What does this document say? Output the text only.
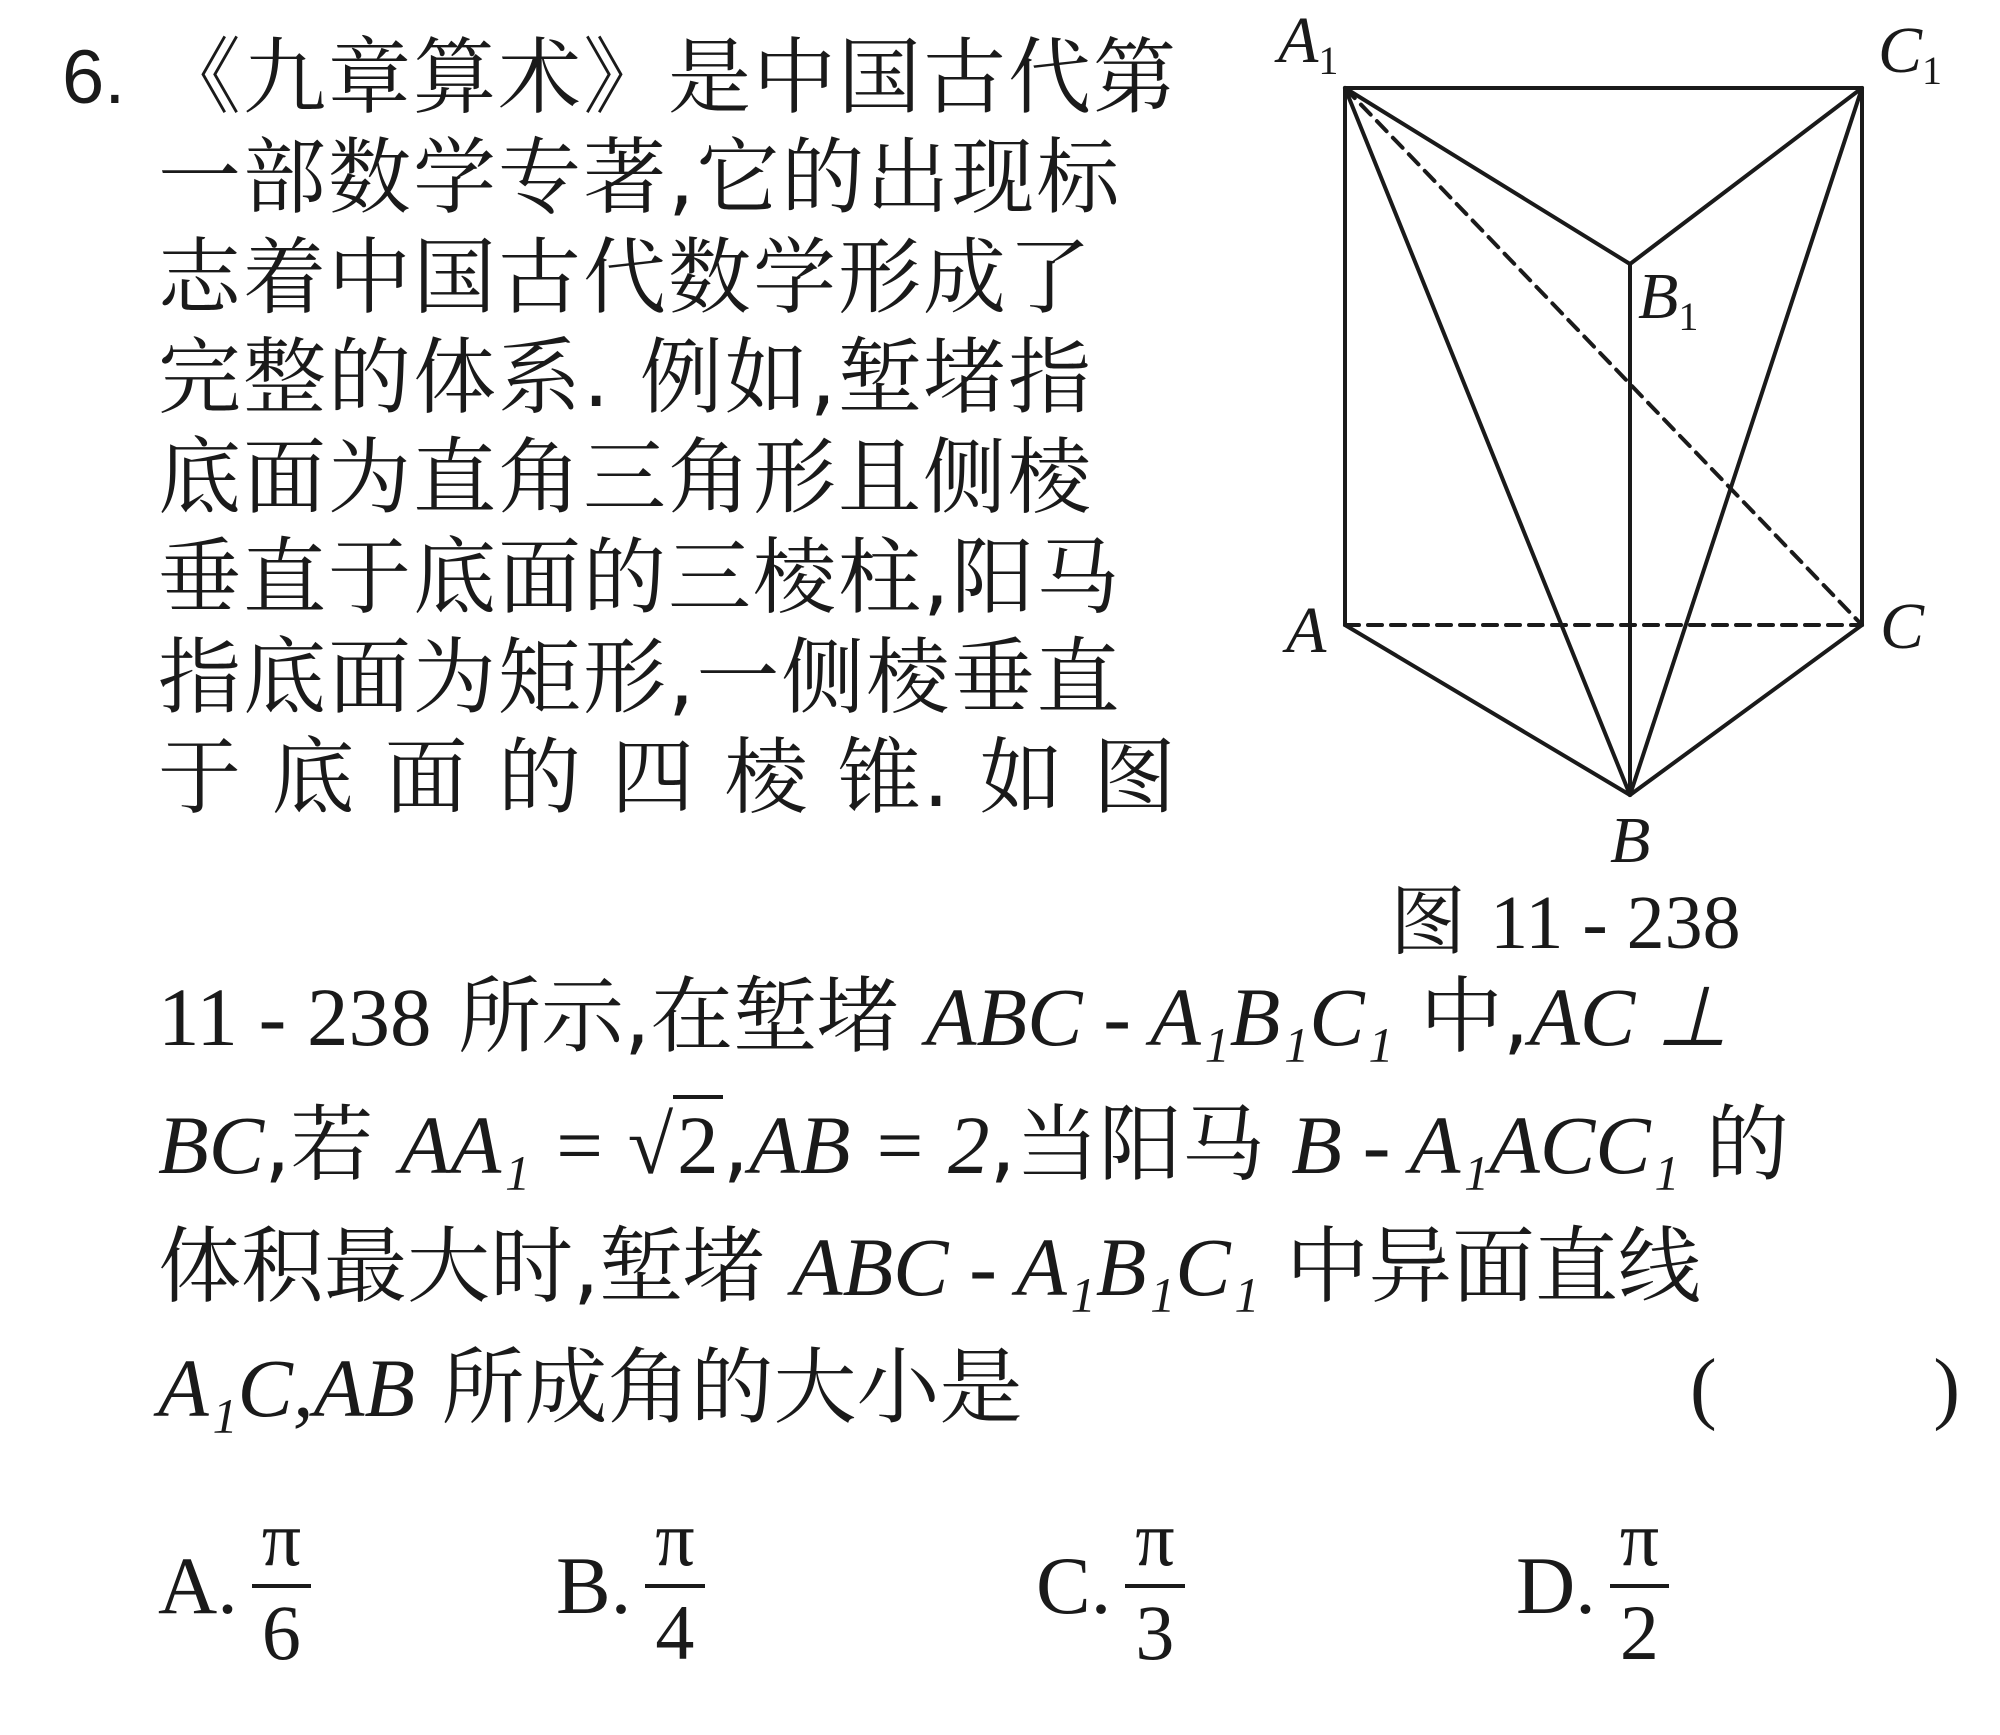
6. 《九章算术》是中国古代第
一部数学专著,它的出现标
志着中国古代数学形成了
完整的体系. 例如,堑堵指
底面为直角三角形且侧棱
垂直于底面的三棱柱,阳马
指底面为矩形,一侧棱垂直
于 底 面 的 四 棱 锥. 如 图
11 - 238 所示,在堑堵 ABC - A₁B₁C₁ 中,AC ⊥
BC,若 AA₁ = √2,AB = 2,当阳马 B - A₁ACC₁ 的
体积最大时,堑堵 ABC - A₁B₁C₁ 中异面直线
A₁C,AB 所成角的大小是	(	)
A. $\frac{\pi}{6}$	B. $\frac{\pi}{4}$	C. $\frac{\pi}{3}$	D. $\frac{\pi}{2}$
A1	C1
B1
A	C
B
图 11 - 238
